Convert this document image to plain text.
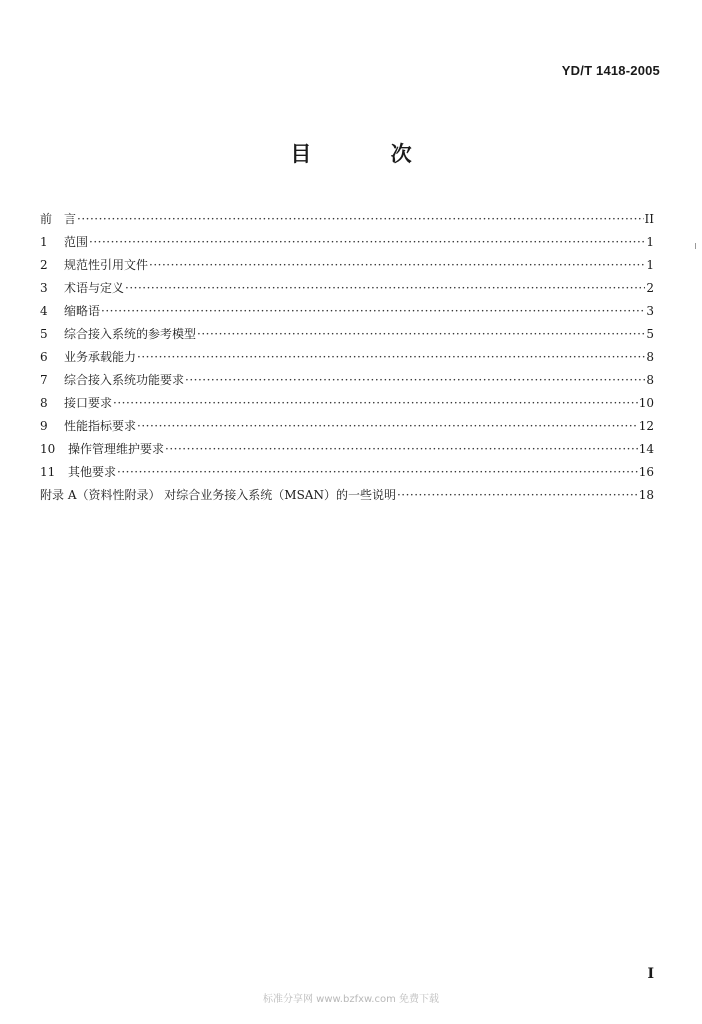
YD/T 1418-2005
目 次
前　言 ·····	II
1	范围 ·····	1
2	规范性引用文件 ·····	1
3	术语与定义 ·····	2
4	缩略语 ·····	3
5	综合接入系统的参考模型 ·····	5
6	业务承载能力 ·····	8
7	综合接入系统功能要求 ·····	8
8	接口要求 ·····	10
9	性能指标要求 ·····	12
10	操作管理维护要求 ·····	14
11	其他要求 ·····	16
附录 A（资料性附录） 对综合业务接入系统（MSAN）的一些说明 ·····	18
I
标准分享网 www.bzfxw.com 免费下载
